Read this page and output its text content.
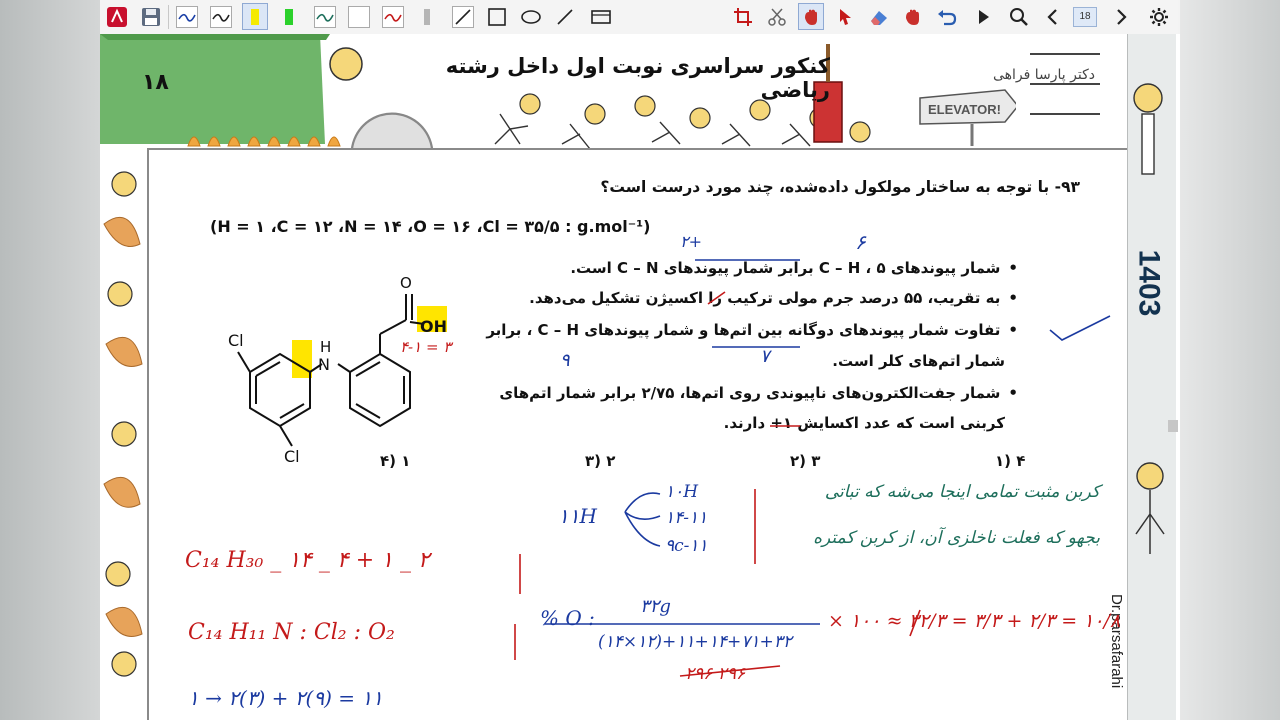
18
ELEVATOR!
دکتر پارسا فراهی
۱۸
کنکور سراسری نوبت اول داخل رشته ریاضی
1403
Dr.parsafarahi
۹۳- با توجه به ساختار مولکول داده‌شده، چند مورد درست است؟
(H = ۱ ،C = ۱۲ ،N = ۱۴ ،O = ۱۶ ،Cl = ۳۵/۵ : g.mol⁻¹)
•شمار پیوندهای C – H ، ۵ برابر شمار پیوندهای C – N است.
•به تقریب، ۵۵ درصد جرم مولی ترکیب را اکسیژن تشکیل می‌دهد.
•تفاوت شمار پیوندهای دوگانه بین اتم‌ها و شمار پیوندهای C – H ، برابر
شمار اتم‌های کلر است.
•شمار جفت‌الکترون‌های ناپیوندی روی اتم‌ها، ۲/۷۵ برابر شمار اتم‌های
کربنی است که عدد اکسایش ۱+ دارند.
۱) ۴
۲) ۳
۳) ۲
۴) ۱
Cl
Cl
H
N
O
OH
۶
۲+
۹	۷
۴-۱ = ۳
C₁₄ H₃₀ _ ۱۴ _ ۴ + ۱ _ ۲
C₁₄ H₁₁ N : Cl₂ : O₂
۱ → ۲(۳) + ۲(۹) = ۱۱
۱۱H
۱۰H
۱۴-۱۱
۹c-۱۱
کربن مثبت تمامی اینجا می‌شه که تباتی
بجهو که فعلت ناخلزی آن، از کربن کمتره
% O :	۳۲g
(۱۴×۱۲)+۱۱+۱۴+۷۱+۳۲
× ۱۰۰ ≈ ۳۲/۳ = ۳/۳ + ۲/۳ = ۱۰/۸
۲۹۶ ۲۹۶
